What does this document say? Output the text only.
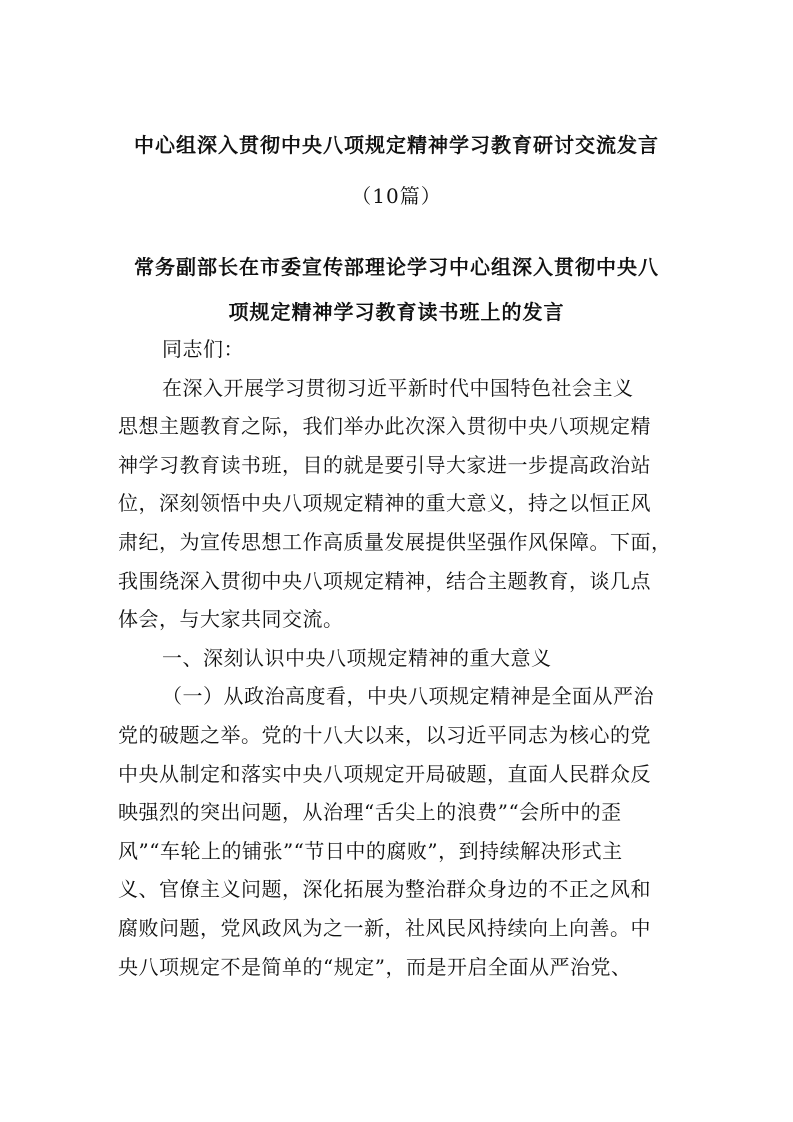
中心组深入贯彻中央八项规定精神学习教育研讨交流发言
（10篇）
常务副部长在市委宣传部理论学习中心组深入贯彻中央八
项规定精神学习教育读书班上的发言
同志们：
在深入开展学习贯彻习近平新时代中国特色社会主义
思想主题教育之际，我们举办此次深入贯彻中央八项规定精
神学习教育读书班，目的就是要引导大家进一步提高政治站
位，深刻领悟中央八项规定精神的重大意义，持之以恒正风
肃纪，为宣传思想工作高质量发展提供坚强作风保障。下面，
我围绕深入贯彻中央八项规定精神，结合主题教育，谈几点
体会，与大家共同交流。
一、深刻认识中央八项规定精神的重大意义
（一）从政治高度看，中央八项规定精神是全面从严治
党的破题之举。党的十八大以来，以习近平同志为核心的党
中央从制定和落实中央八项规定开局破题，直面人民群众反
映强烈的突出问题，从治理“舌尖上的浪费”“会所中的歪
风”“车轮上的铺张”“节日中的腐败”，到持续解决形式主
义、官僚主义问题，深化拓展为整治群众身边的不正之风和
腐败问题，党风政风为之一新，社风民风持续向上向善。中
央八项规定不是简单的“规定”，而是开启全面从严治党、
